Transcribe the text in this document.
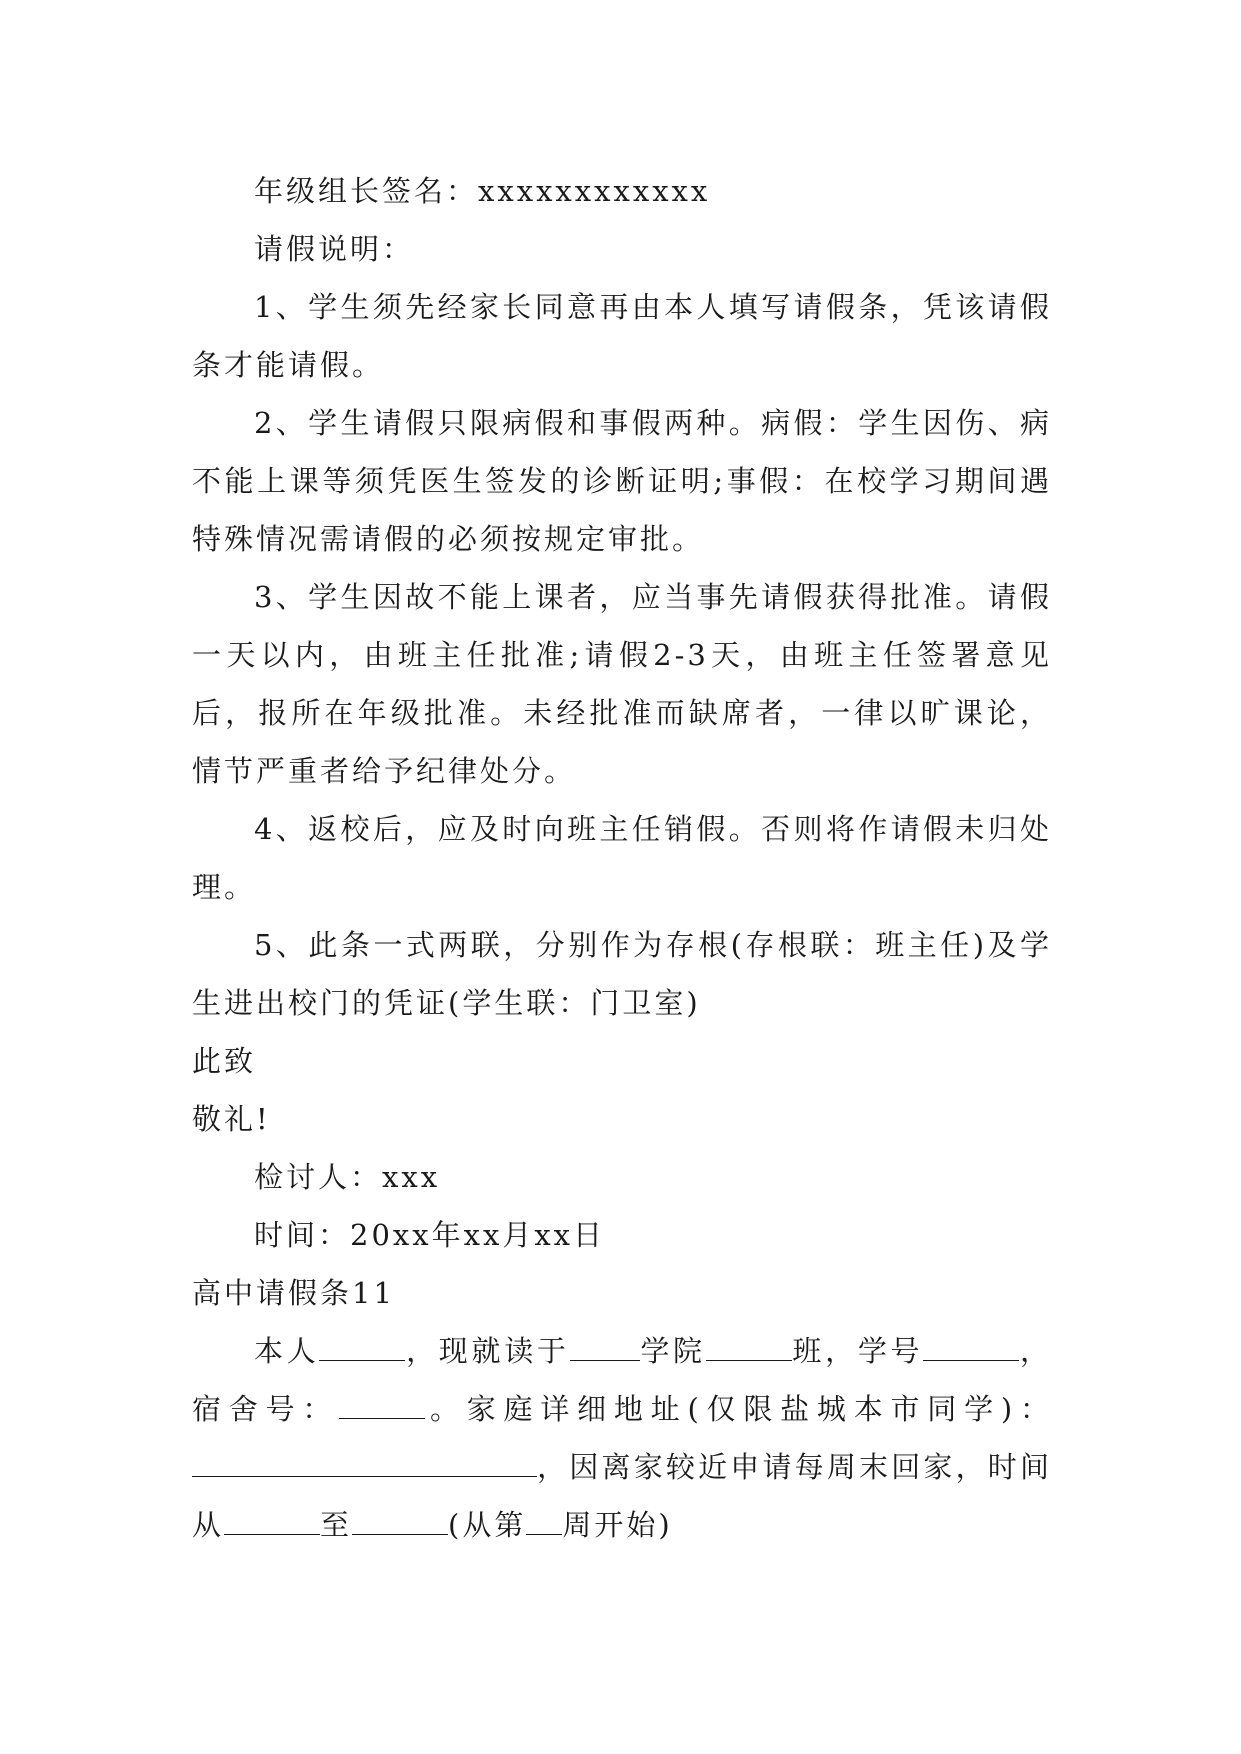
年级组长签名：xxxxxxxxxxxx
请假说明：

1、学生须先经家长同意再由本人填写请假条，凭该请假条才能请假。

2、学生请假只限病假和事假两种。病假：学生因伤、病不能上课等须凭医生签发的诊断证明;事假：在校学习期间遇特殊情况需请假的必须按规定审批。

3、学生因故不能上课者，应当事先请假获得批准。请假一天以内，由班主任批准;请假2-3天，由班主任签署意见后，报所在年级批准。未经批准而缺席者，一律以旷课论，情节严重者给予纪律处分。

4、返校后，应及时向班主任销假。否则将作请假未归处理。

5、此条一式两联，分别作为存根(存根联：班主任)及学生进出校门的凭证(学生联：门卫室)

此致
敬礼!
检讨人：xxx
时间：20xx年xx月xx日
高中请假条11

本人	，现就读于 学院	班，学号	，宿舍号：	。家庭详细地址(仅限盐城本市同学)：，因离家较近申请每周末回家，时间从	至	(从第 周开始)
